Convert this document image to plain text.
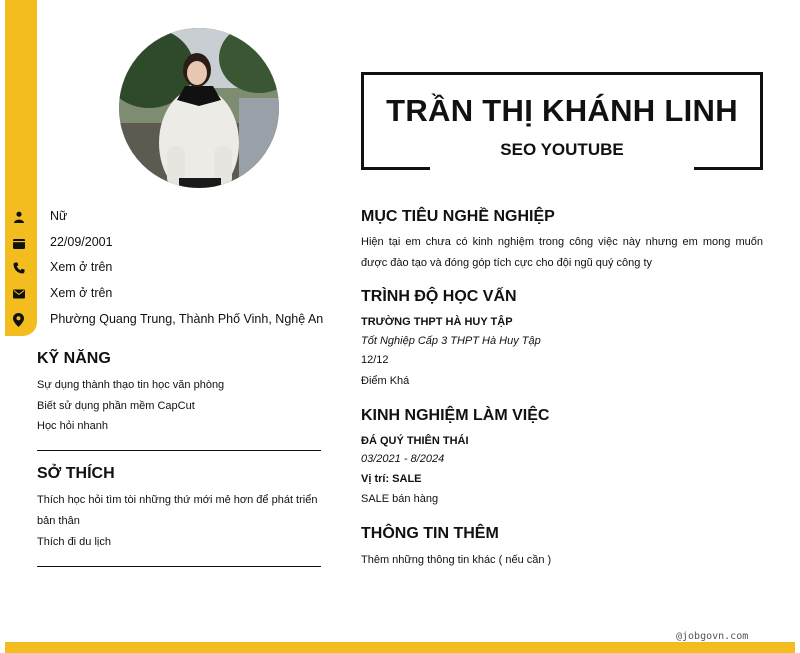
Nữ
22/09/2001
Xem ở trên
Xem ở trên
Phường Quang Trung, Thành Phố Vinh, Nghệ An
KỸ NĂNG
Sự dụng thành thạo tin học văn phòng
Biết sử dụng phần mềm CapCut
Học hỏi nhanh
SỞ THÍCH
Thích học hỏi tìm tòi những thứ mới mẻ hơn để phát triển
bản thân
Thích đi du lịch
TRẦN THỊ KHÁNH LINH
SEO YOUTUBE
MỤC TIÊU NGHỀ NGHIỆP
Hiện tại em chưa có kinh nghiệm trong công việc này nhưng em mong muốn được đào tạo và đóng góp tích cực cho đội ngũ quý công ty
TRÌNH ĐỘ HỌC VẤN
TRƯỜNG THPT HÀ HUY TẬP
Tốt Nghiệp Cấp 3 THPT Hà Huy Tập
12/12
Điểm Khá
KINH NGHIỆM LÀM VIỆC
ĐÁ QUÝ THIÊN THÁI
03/2021 - 8/2024
Vị trí: SALE
SALE bán hàng
THÔNG TIN THÊM
Thêm những thông tin khác ( nếu cần )
@jobgovn.com
